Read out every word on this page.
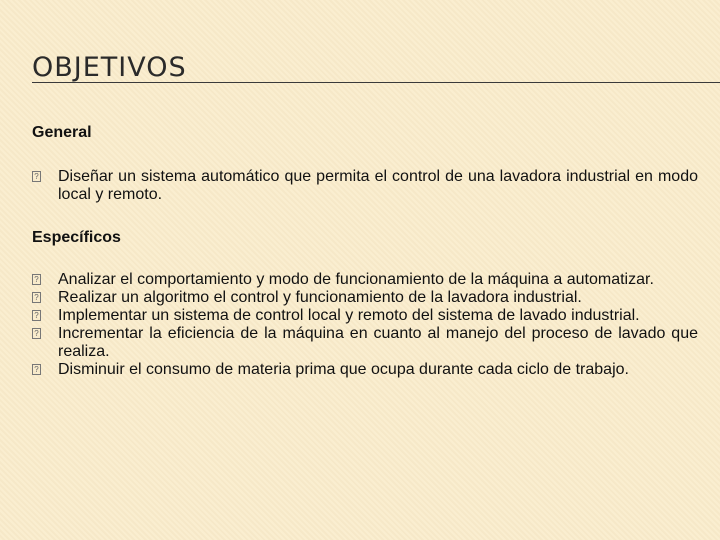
OBJETIVOS
General
? Diseñar un sistema automático que permita el control de una lavadora industrial en modo local y remoto.
Específicos
? Analizar el comportamiento y modo de funcionamiento de la máquina a automatizar.
? Realizar un algoritmo el control y funcionamiento de la lavadora industrial.
? Implementar un sistema de control local y remoto del sistema de lavado industrial.
? Incrementar la eficiencia de la máquina en cuanto al manejo del proceso de lavado que realiza.
? Disminuir el consumo de materia prima que ocupa durante cada ciclo de trabajo.
